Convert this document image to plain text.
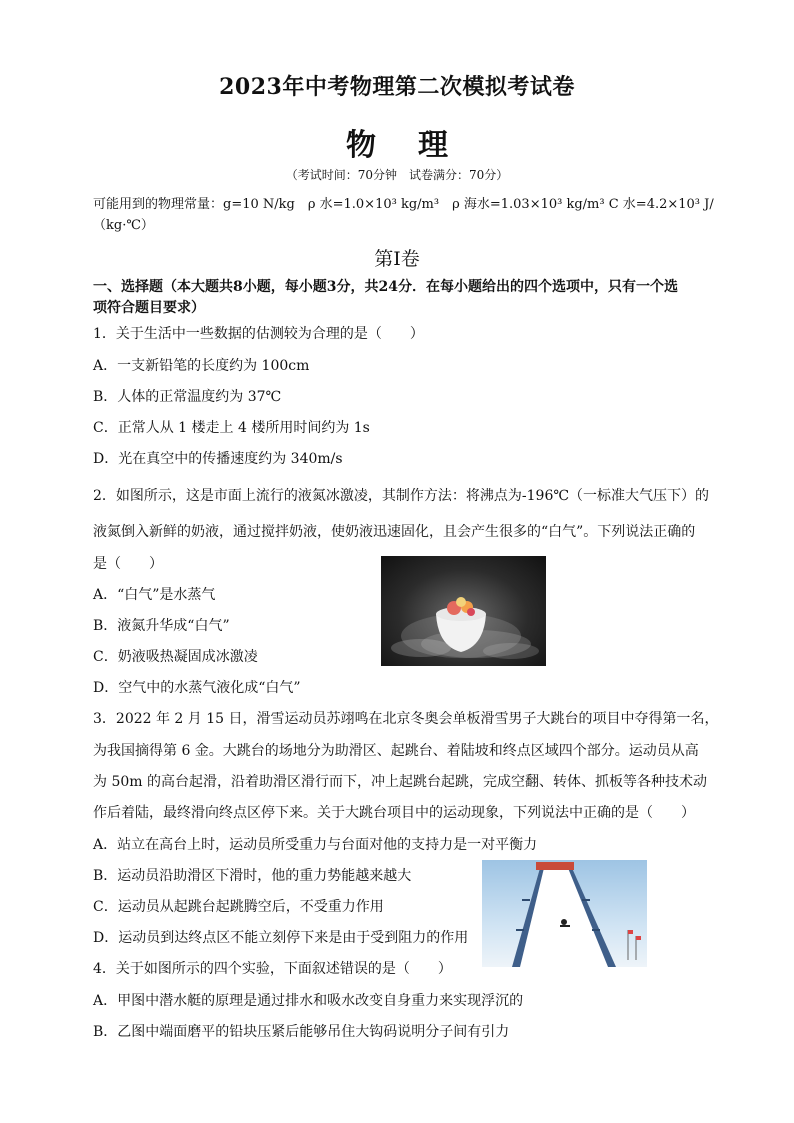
2023年中考物理第二次模拟考试卷
物 理
（考试时间：70分钟　试卷满分：70分）
可能用到的物理常量：g=10 N/kg　ρ 水=1.0×10³ kg/m³　ρ 海水=1.03×10³ kg/m³ C 水=4.2×10³ J/
（kg·℃）
第Ⅰ卷
一、选择题（本大题共8小题，每小题3分，共24分．在每小题给出的四个选项中，只有一个选
项符合题目要求）
1．关于生活中一些数据的估测较为合理的是（　　）
A．一支新铅笔的长度约为 100cm
B．人体的正常温度约为 37℃
C．正常人从 1 楼走上 4 楼所用时间约为 1s
D．光在真空中的传播速度约为 340m/s
2．如图所示，这是市面上流行的液氮冰激凌，其制作方法：将沸点为-196℃（一标准大气压下）的
液氮倒入新鲜的奶液，通过搅拌奶液，使奶液迅速固化，且会产生很多的“白气”。下列说法正确的
是（　　）
A．“白气”是水蒸气
B．液氮升华成“白气”
C．奶液吸热凝固成冰激凌
D．空气中的水蒸气液化成“白气”
3．2022 年 2 月 15 日，滑雪运动员苏翊鸣在北京冬奥会单板滑雪男子大跳台的项目中夺得第一名，
为我国摘得第 6 金。大跳台的场地分为助滑区、起跳台、着陆坡和终点区域四个部分。运动员从高
为 50m 的高台起滑，沿着助滑区滑行而下，冲上起跳台起跳，完成空翻、转体、抓板等各种技术动
作后着陆，最终滑向终点区停下来。关于大跳台项目中的运动现象，下列说法中正确的是（　　）
A．站立在高台上时，运动员所受重力与台面对他的支持力是一对平衡力
B．运动员沿助滑区下滑时，他的重力势能越来越大
C．运动员从起跳台起跳腾空后，不受重力作用
D．运动员到达终点区不能立刻停下来是由于受到阻力的作用
4．关于如图所示的四个实验，下面叙述错误的是（　　）
A．甲图中潜水艇的原理是通过排水和吸水改变自身重力来实现浮沉的
B．乙图中端面磨平的铅块压紧后能够吊住大钩码说明分子间有引力
